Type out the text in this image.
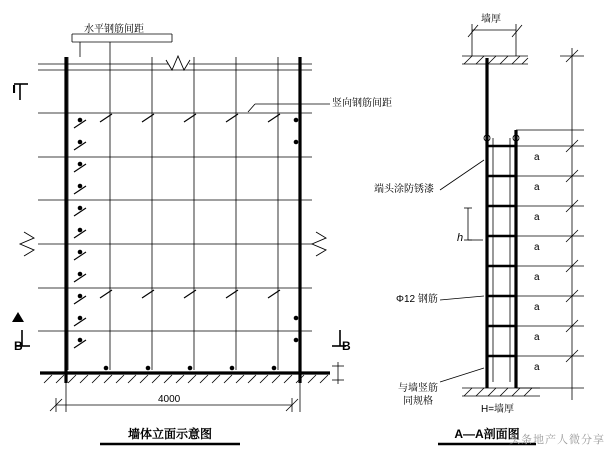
水平钢筋间距
竖向钢筋间距
端头涂防锈漆
Φ12 钢筋
与墙竖筋
同规格
墙厚
H=墙厚
h
a
a
a
a
a
a
a
a
4000
B	B
Ⅰ
墙体立面示意图	A—A剖面图
头条地产人微分享
